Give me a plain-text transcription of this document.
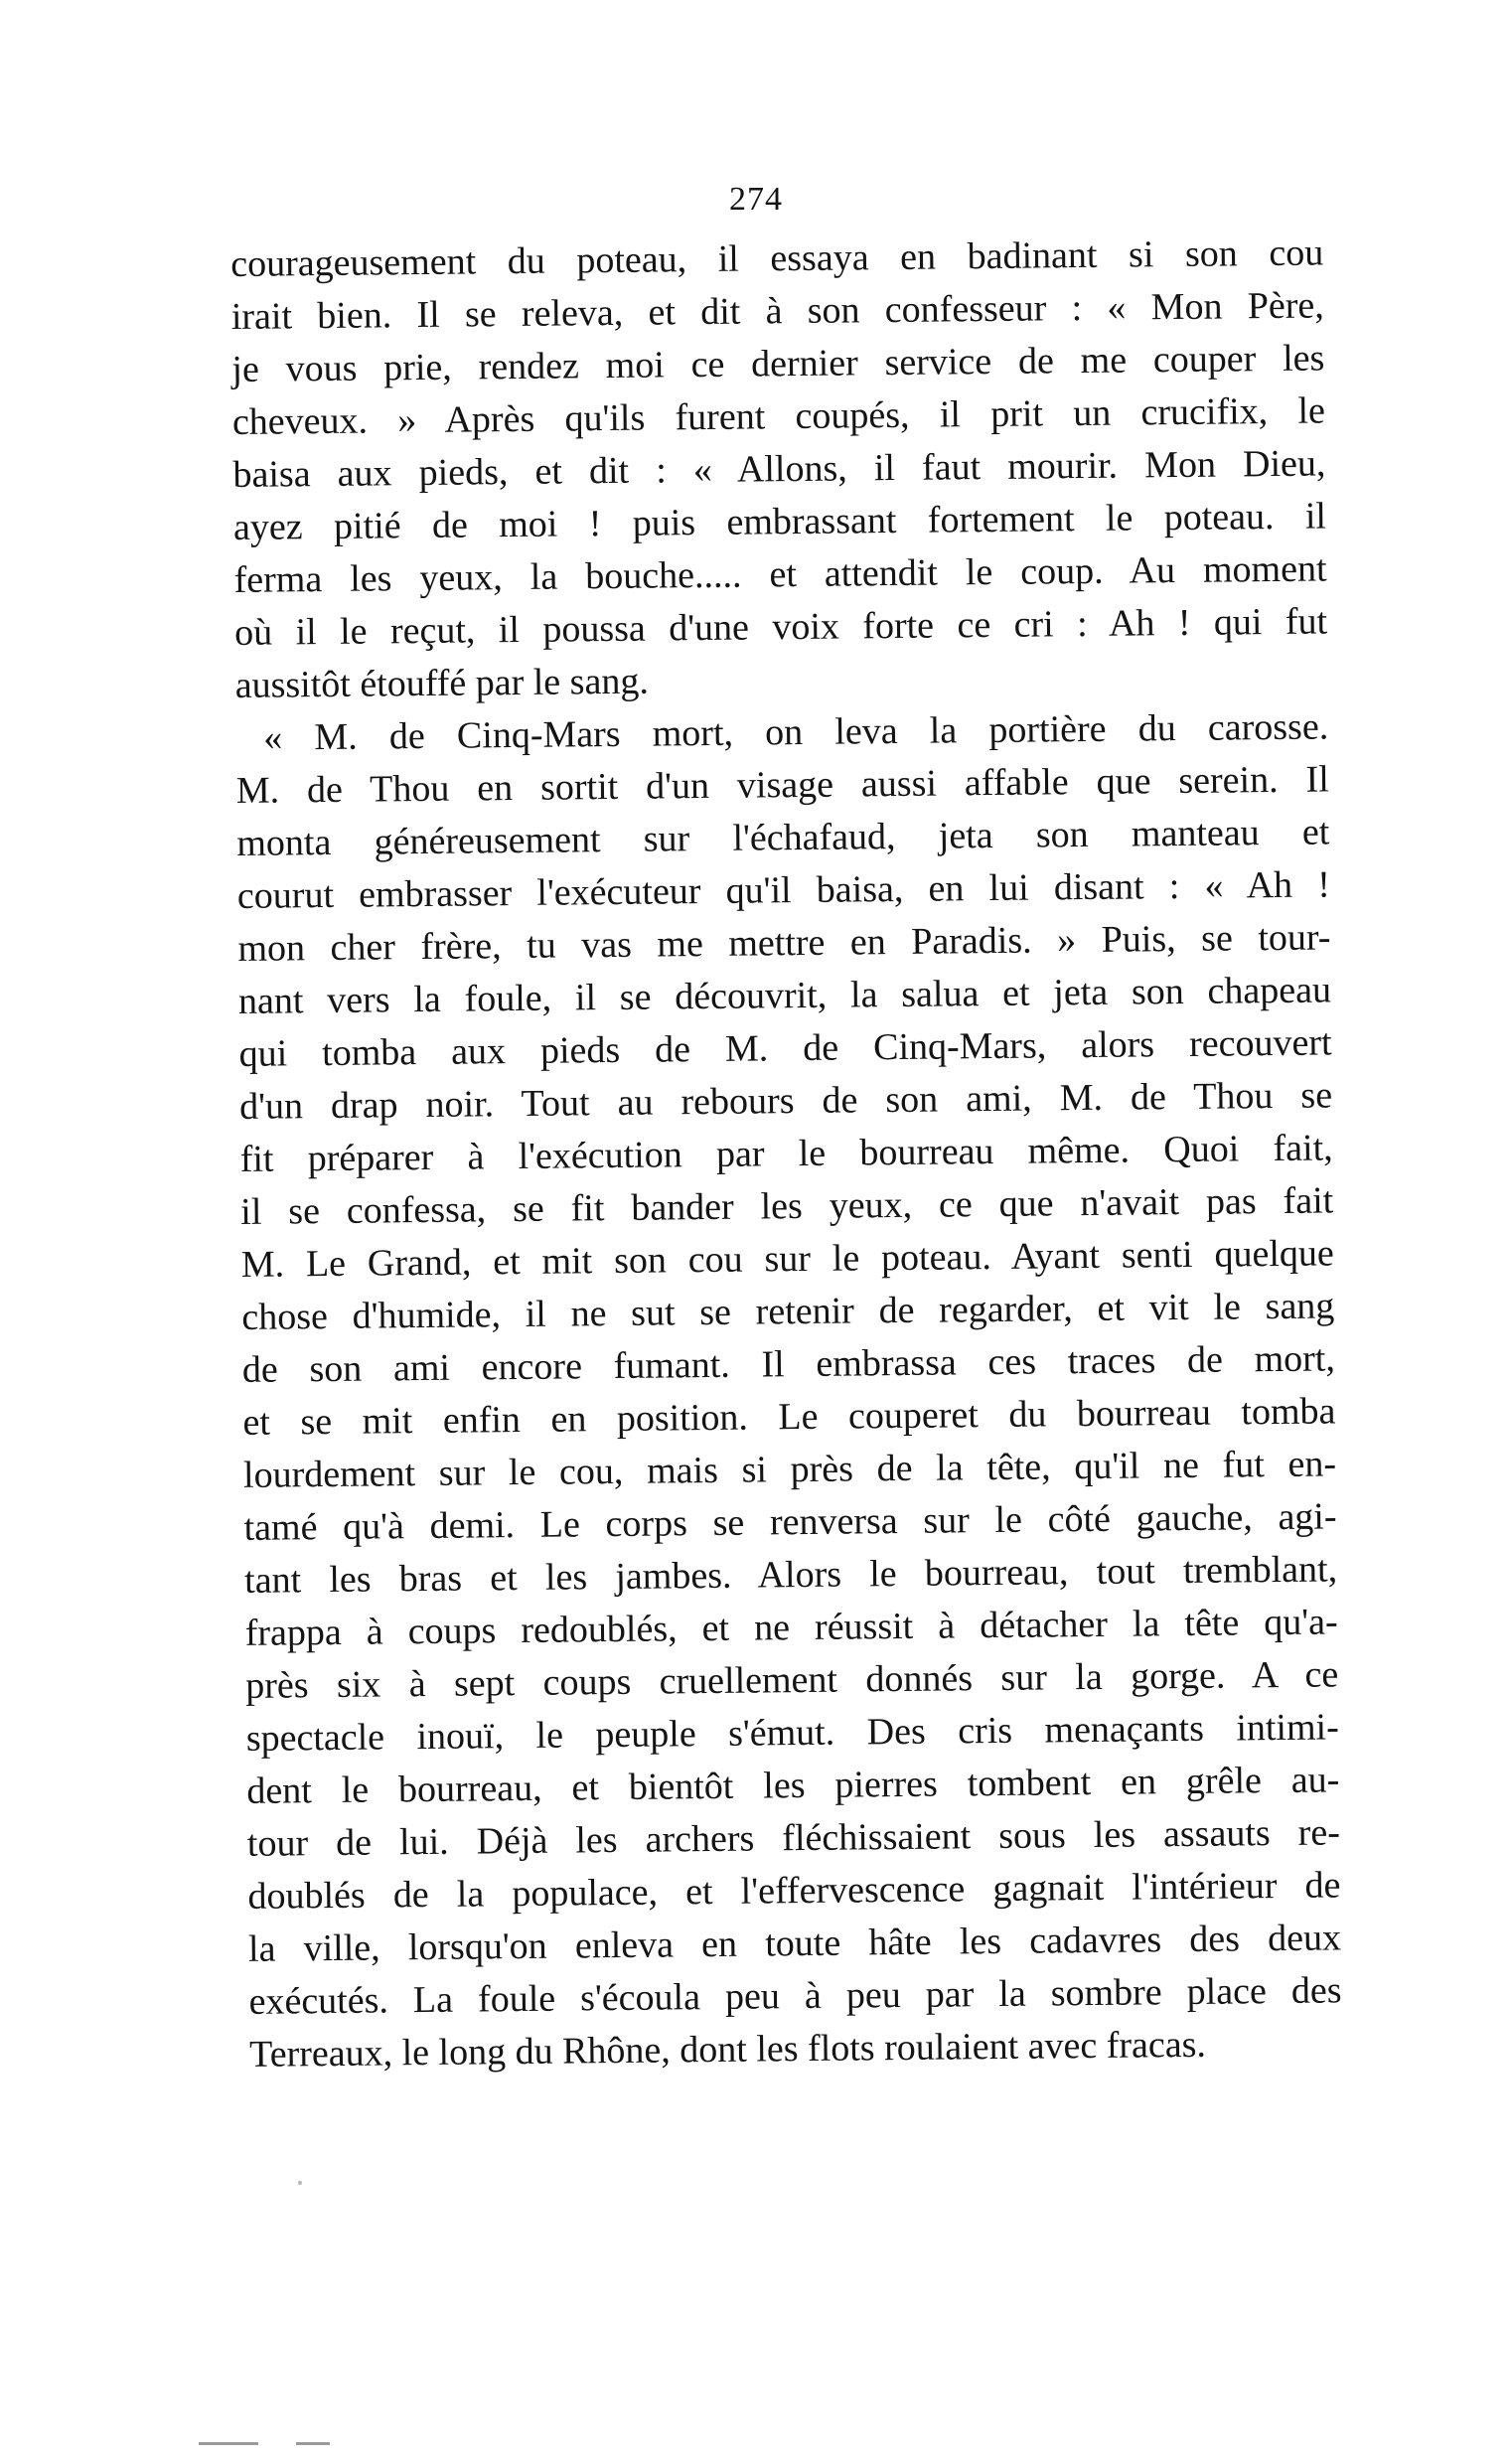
274
courageusement du poteau, il essaya en badinant si son cou
irait bien. Il se releva, et dit à son confesseur : « Mon Père,
je vous prie, rendez moi ce dernier service de me couper les
cheveux. » Après qu'ils furent coupés, il prit un crucifix, le
baisa aux pieds, et dit : « Allons, il faut mourir. Mon Dieu,
ayez pitié de moi ! puis embrassant fortement le poteau. il
ferma les yeux, la bouche..... et attendit le coup. Au moment
où il le reçut, il poussa d'une voix forte ce cri : Ah ! qui fut
aussitôt étouffé par le sang.
« M. de Cinq-Mars mort, on leva la portière du carosse.
M. de Thou en sortit d'un visage aussi affable que serein. Il
monta généreusement sur l'échafaud, jeta son manteau et
courut embrasser l'exécuteur qu'il baisa, en lui disant : « Ah !
mon cher frère, tu vas me mettre en Paradis. » Puis, se tour-
nant vers la foule, il se découvrit, la salua et jeta son chapeau
qui tomba aux pieds de M. de Cinq-Mars, alors recouvert
d'un drap noir. Tout au rebours de son ami, M. de Thou se
fit préparer à l'exécution par le bourreau même. Quoi fait,
il se confessa, se fit bander les yeux, ce que n'avait pas fait
M. Le Grand, et mit son cou sur le poteau. Ayant senti quelque
chose d'humide, il ne sut se retenir de regarder, et vit le sang
de son ami encore fumant. Il embrassa ces traces de mort,
et se mit enfin en position. Le couperet du bourreau tomba
lourdement sur le cou, mais si près de la tête, qu'il ne fut en-
tamé qu'à demi. Le corps se renversa sur le côté gauche, agi-
tant les bras et les jambes. Alors le bourreau, tout tremblant,
frappa à coups redoublés, et ne réussit à détacher la tête qu'a-
près six à sept coups cruellement donnés sur la gorge. A ce
spectacle inouï, le peuple s'émut. Des cris menaçants intimi-
dent le bourreau, et bientôt les pierres tombent en grêle au-
tour de lui. Déjà les archers fléchissaient sous les assauts re-
doublés de la populace, et l'effervescence gagnait l'intérieur de
la ville, lorsqu'on enleva en toute hâte les cadavres des deux
exécutés. La foule s'écoula peu à peu par la sombre place des
Terreaux, le long du Rhône, dont les flots roulaient avec fracas.
